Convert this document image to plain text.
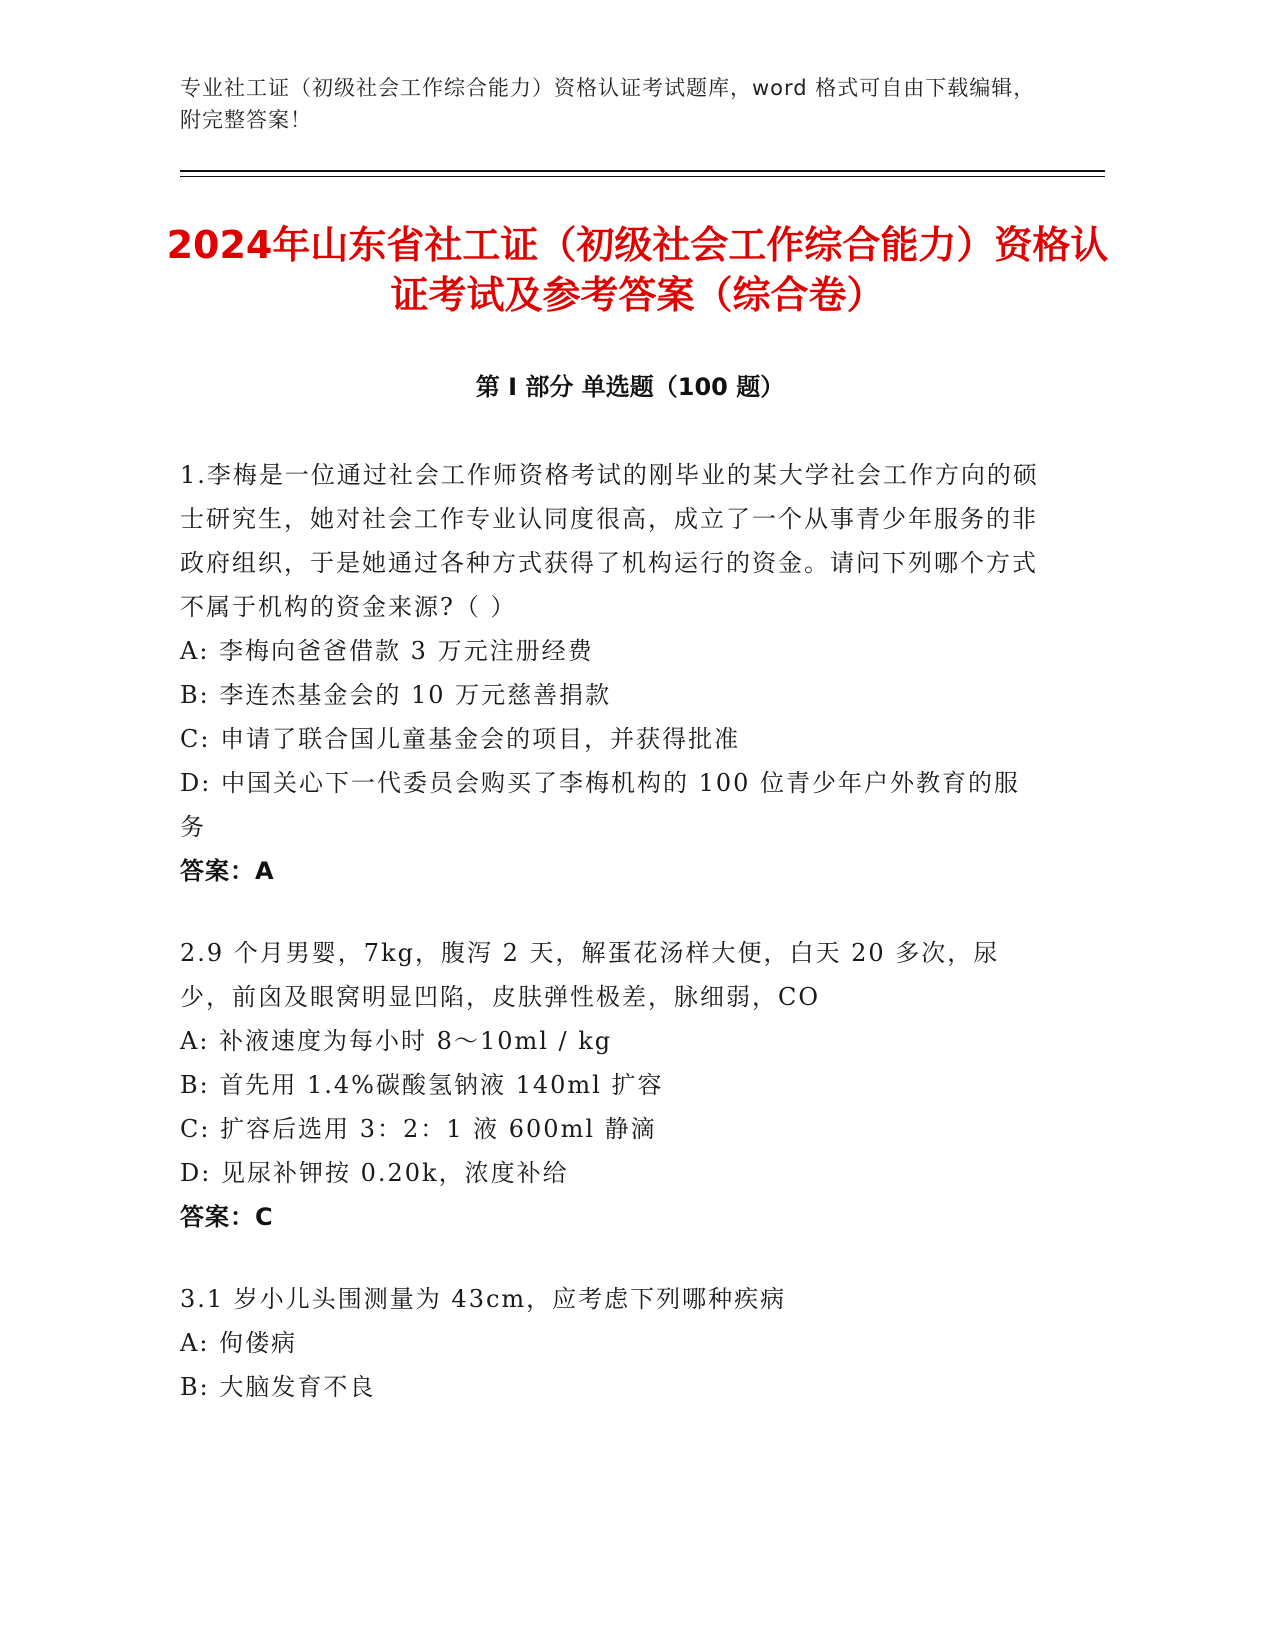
专业社工证（初级社会工作综合能力）资格认证考试题库，word 格式可自由下载编辑，附完整答案！
2024年山东省社工证（初级社会工作综合能力）资格认证考试及参考答案（综合卷）
第 I 部分 单选题（100 题）

1.李梅是一位通过社会工作师资格考试的刚毕业的某大学社会工作方向的硕士研究生，她对社会工作专业认同度很高，成立了一个从事青少年服务的非政府组织，于是她通过各种方式获得了机构运行的资金。请问下列哪个方式不属于机构的资金来源?（ ）

A: 李梅向爸爸借款 3 万元注册经费

B: 李连杰基金会的 10 万元慈善捐款

C: 申请了联合国儿童基金会的项目，并获得批准

D: 中国关心下一代委员会购买了李梅机构的 100 位青少年户外教育的服务

答案：A

2.9 个月男婴，7kg，腹泻 2 天，解蛋花汤样大便，白天 20 多次，尿少，前囟及眼窝明显凹陷，皮肤弹性极差，脉细弱，CO

A: 补液速度为每小时 8～10ml / kg

B: 首先用 1.4%碳酸氢钠液 140ml 扩容

C: 扩容后选用 3：2：1 液 600ml 静滴

D: 见尿补钾按 0.20k，浓度补给

答案：C

3.1 岁小儿头围测量为 43cm，应考虑下列哪种疾病

A: 佝偻病

B: 大脑发育不良
